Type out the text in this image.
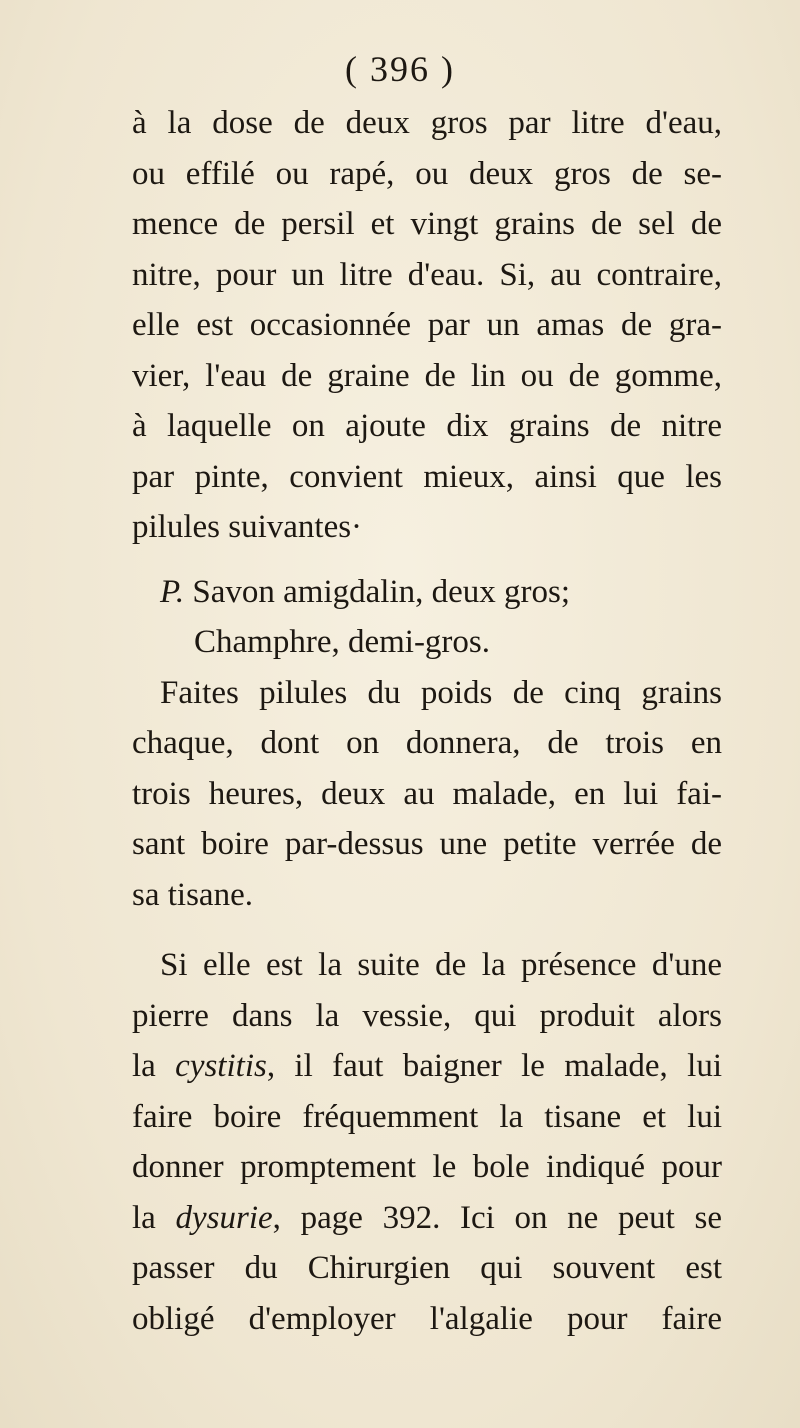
( 396 )
à la dose de deux gros par litre d'eau,
ou effilé ou rapé, ou deux gros de se-
mence de persil et vingt grains de sel de
nitre, pour un litre d'eau. Si, au contraire,
elle est occasionnée par un amas de gra-
vier, l'eau de graine de lin ou de gomme,
à laquelle on ajoute dix grains de nitre
par pinte, convient mieux, ainsi que les
pilules suivantes·
P. Savon amigdalin, deux gros;
Champhre, demi-gros.
Faites pilules du poids de cinq grains
chaque, dont on donnera, de trois en
trois heures, deux au malade, en lui fai-
sant boire par-dessus une petite verrée de
sa tisane.
Si elle est la suite de la présence d'une
pierre dans la vessie, qui produit alors
la cystitis, il faut baigner le malade, lui
faire boire fréquemment la tisane et lui
donner promptement le bole indiqué pour
la dysurie, page 392. Ici on ne peut se
passer du Chirurgien qui souvent est
obligé d'employer l'algalie pour faire
